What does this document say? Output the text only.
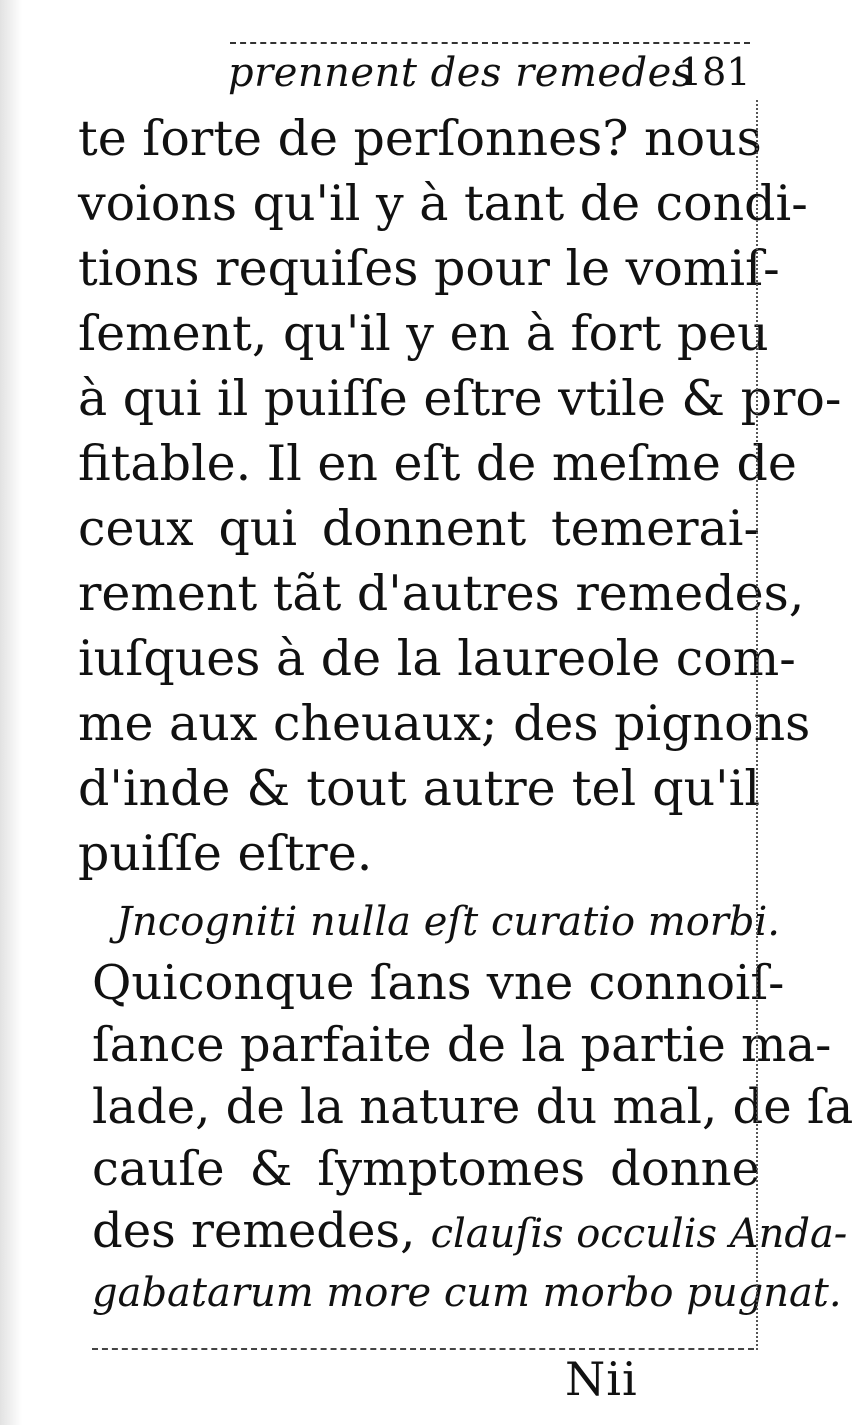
prennent des remedes
181
te ſorte de perſonnes? nous
voions qu'il y à tant de condi-
tions requiſes pour le vomiſ-
ſement, qu'il y en à fort peu
à qui il puiſſe eſtre vtile & pro-
fitable. Il en eſt de meſme de
ceux qui donnent temerai-
rement tãt d'autres remedes,
iuſques à de la laureole com-
me aux cheuaux; des pignons
d'inde & tout autre tel qu'il
puiſſe eſtre.
Jncogniti nulla eſt curatio morbi.
Quiconque ſans vne connoiſ-
ſance parfaite de la partie ma-
lade, de la nature du mal, de ſa
cauſe & ſymptomes donne
des remedes, clauſis occulis Anda-
gabatarum more cum morbo pugnat.
Nii
